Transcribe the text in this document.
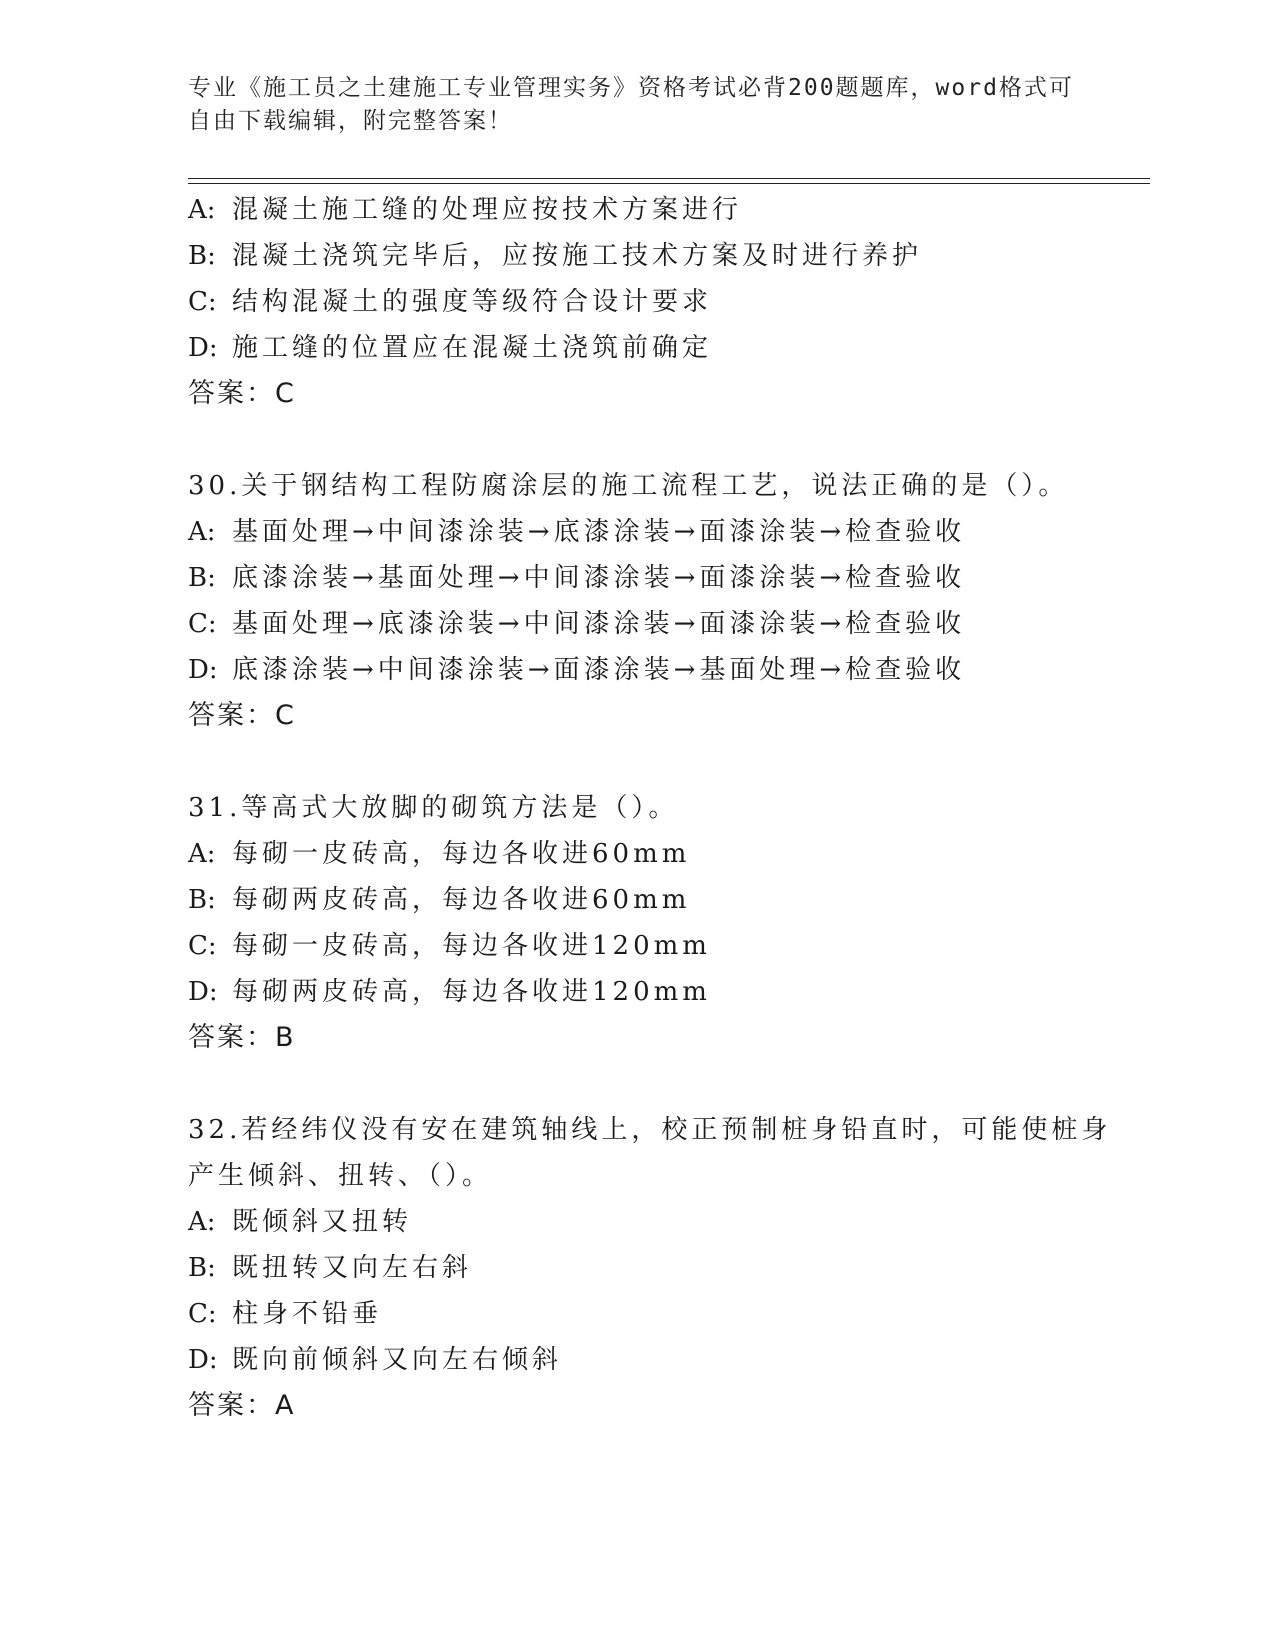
专业《施工员之土建施工专业管理实务》资格考试必背200题题库，word格式可
自由下载编辑，附完整答案！
A: 混凝土施工缝的处理应按技术方案进行
B: 混凝土浇筑完毕后，应按施工技术方案及时进行养护
C: 结构混凝土的强度等级符合设计要求
D: 施工缝的位置应在混凝土浇筑前确定
答案：C
30.关于钢结构工程防腐涂层的施工流程工艺，说法正确的是（）。
A: 基面处理→中间漆涂装→底漆涂装→面漆涂装→检查验收
B: 底漆涂装→基面处理→中间漆涂装→面漆涂装→检查验收
C: 基面处理→底漆涂装→中间漆涂装→面漆涂装→检查验收
D: 底漆涂装→中间漆涂装→面漆涂装→基面处理→检查验收
答案：C
31.等高式大放脚的砌筑方法是（）。
A: 每砌一皮砖高，每边各收进60mm
B: 每砌两皮砖高，每边各收进60mm
C: 每砌一皮砖高，每边各收进120mm
D: 每砌两皮砖高，每边各收进120mm
答案：B
32.若经纬仪没有安在建筑轴线上，校正预制桩身铅直时，可能使桩身
产生倾斜、扭转、（）。
A: 既倾斜又扭转
B: 既扭转又向左右斜
C: 柱身不铅垂
D: 既向前倾斜又向左右倾斜
答案：A
